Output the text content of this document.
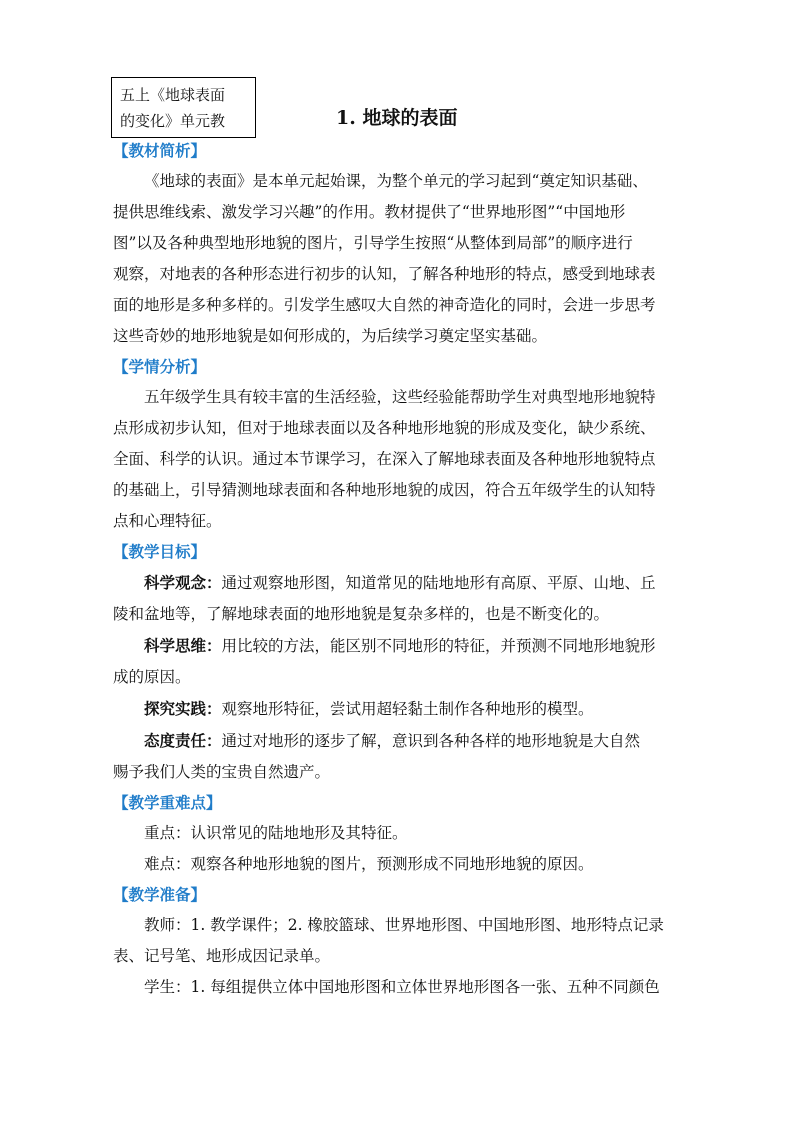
五上《地球表面
的变化》单元教	1. 地球的表面
【教材简析】
《地球的表面》是本单元起始课，为整个单元的学习起到“奠定知识基础、
提供思维线索、激发学习兴趣”的作用。教材提供了“世界地形图”“中国地形
图”以及各种典型地形地貌的图片，引导学生按照“从整体到局部”的顺序进行
观察，对地表的各种形态进行初步的认知，了解各种地形的特点，感受到地球表
面的地形是多种多样的。引发学生感叹大自然的神奇造化的同时，会进一步思考
这些奇妙的地形地貌是如何形成的，为后续学习奠定坚实基础。
【学情分析】
五年级学生具有较丰富的生活经验，这些经验能帮助学生对典型地形地貌特
点形成初步认知，但对于地球表面以及各种地形地貌的形成及变化，缺少系统、
全面、科学的认识。通过本节课学习，在深入了解地球表面及各种地形地貌特点
的基础上，引导猜测地球表面和各种地形地貌的成因，符合五年级学生的认知特
点和心理特征。
【教学目标】
科学观念：通过观察地形图，知道常见的陆地地形有高原、平原、山地、丘
陵和盆地等，了解地球表面的地形地貌是复杂多样的，也是不断变化的。
科学思维：用比较的方法，能区别不同地形的特征，并预测不同地形地貌形
成的原因。
探究实践：观察地形特征，尝试用超轻黏土制作各种地形的模型。
态度责任：通过对地形的逐步了解，意识到各种各样的地形地貌是大自然
赐予我们人类的宝贵自然遗产。
【教学重难点】
重点：认识常见的陆地地形及其特征。
难点：观察各种地形地貌的图片，预测形成不同地形地貌的原因。
【教学准备】
教师：1. 教学课件；2. 橡胶篮球、世界地形图、中国地形图、地形特点记录
表、记号笔、地形成因记录单。
学生：1. 每组提供立体中国地形图和立体世界地形图各一张、五种不同颜色
